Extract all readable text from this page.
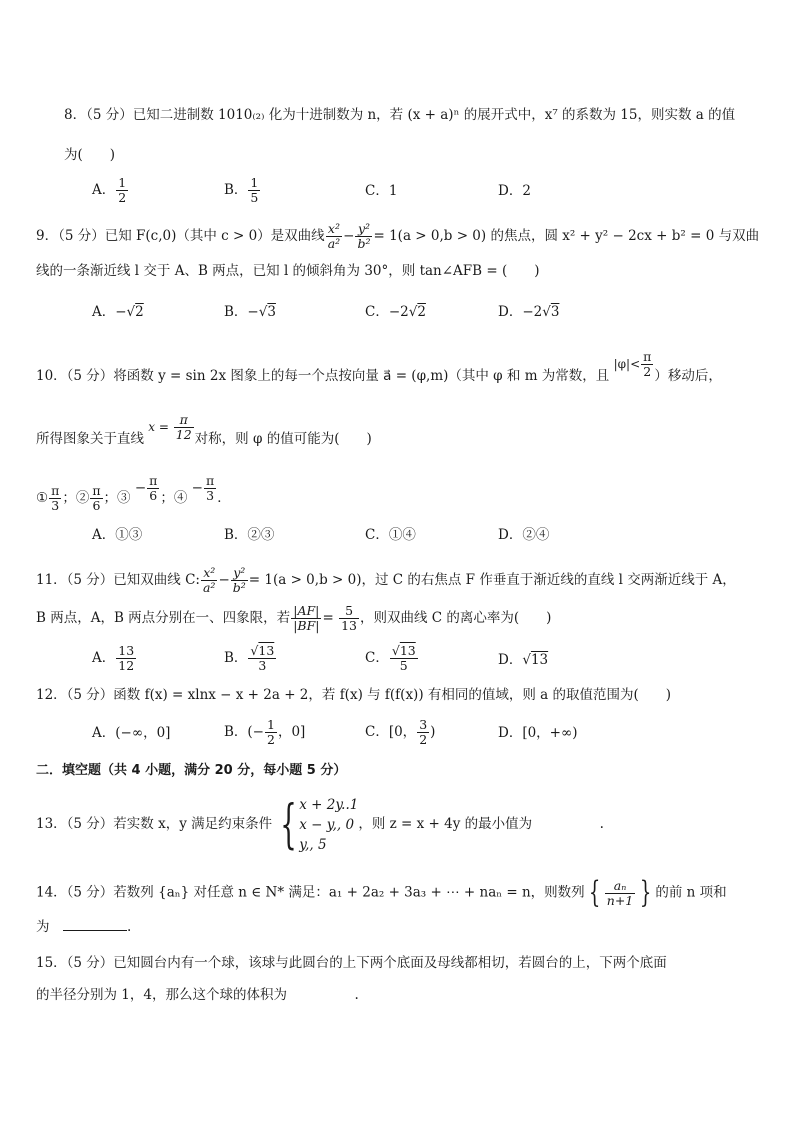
8．（5 分）已知二进制数 1010₍₂₎ 化为十进制数为 n，若 (x + a)ⁿ 的展开式中，x⁷ 的系数为 15，则实数 a 的值
为(　　)
A． $\frac{1}{2}$	B． $\frac{1}{5}$	C．1	D．2
9．（5 分）已知 F(c,0)（其中 c > 0）是双曲线 $\frac{\text{x²}}{\text{a²}} - \frac{\text{y²}}{\text{b²}} = 1(a > 0,b > 0)$ 的焦点，圆 x² + y² − 2cx + b² = 0 与双曲
线的一条渐近线 l 交于 A、B 两点，已知 l 的倾斜角为 30°，则 tan∠AFB = (　　)
A．−√2	B．−√3	C．−2√2	D．−2√3
10．（5 分）将函数 y = sin 2x 图象上的每一个点按向量 a⃗ = (φ,m)（其中 φ 和 m 为常数，且 $|\varphi|< \frac{\pi}{2}$ ）移动后，
所得图象关于直线 $x = \frac{\pi}{12}$ 对称，则 φ 的值可能为(　　)
① $\frac{\pi}{3}$ ；② $\frac{\pi}{6}$ ；③ − $\frac{\pi}{6}$ ；④ − $\frac{\pi}{3}$ ．
A．①③	B．②③	C．①④	D．②④
11．（5 分）已知双曲线 C: $\frac{\text{x²}}{\text{a²}} - \frac{\text{y²}}{\text{b²}} = 1(a > 0,b > 0)$，过 C 的右焦点 F 作垂直于渐近线的直线 l 交两渐近线于 A，
B 两点，A，B 两点分别在一、四象限，若 $\frac{|AF|}{|BF|} = \frac{5}{13}$ ，则双曲线 C 的离心率为(　　)
A． $\frac{13}{12}$	B． $\frac{√13}{3}$	C． $\frac{√13}{5}$	D．√13
12．（5 分）函数 f(x) = xlnx − x + 2a + 2，若 f(x) 与 f(f(x)) 有相同的值域，则 a 的取值范围为(　　)
A．(−∞，0]	B．(− $\frac{1}{2}$ ，0]	C．[0， $\frac{3}{2}$ )	D．[0，+∞)
二．填空题（共 4 小题，满分 20 分，每小题 5 分）
13．（5 分）若实数 x，y 满足约束条件 { x + 2y..1
x − y,, 0
y,, 5
，则 z = x + 4y 的最小值为　　　　　.
14．（5 分）若数列 {aₙ} 对任意 n ∈ N* 满足：a₁ + 2a₂ + 3a₃ + ⋯ + naₙ = n，则数列 { $\frac{\text{aₙ}}{n+1}$ } 的前 n 项和
为　	.
15．（5 分）已知圆台内有一个球，该球与此圆台的上下两个底面及母线都相切，若圆台的上，下两个底面
的半径分别为 1，4，那么这个球的体积为　　　　　.
